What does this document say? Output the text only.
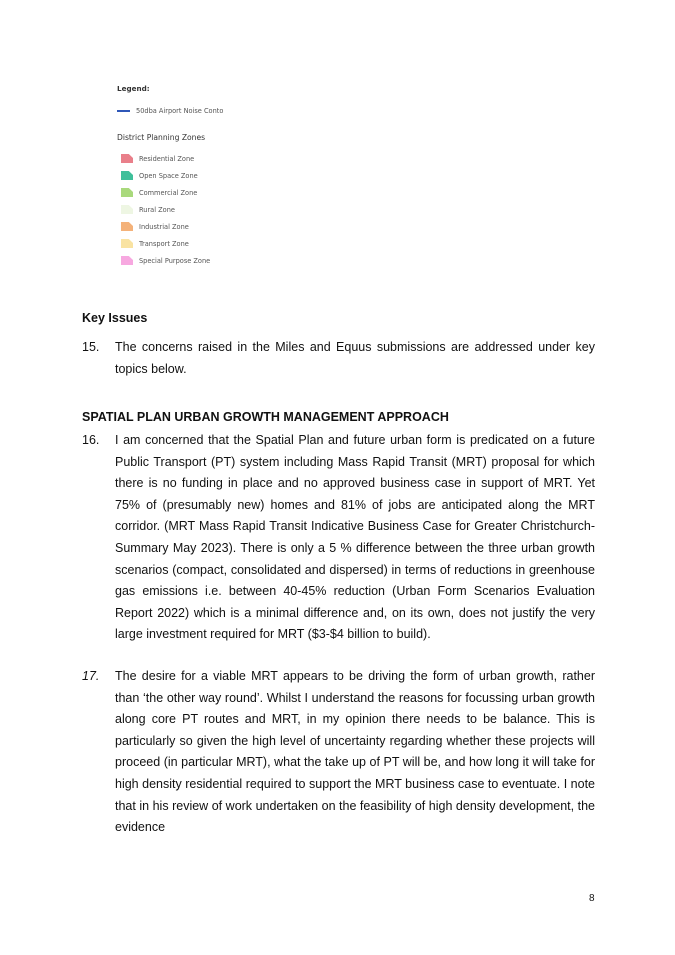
Legend:
50dba Airport Noise Conto
District Planning Zones
Residential Zone
Open Space Zone
Commercial Zone
Rural Zone
Industrial Zone
Transport Zone
Special Purpose Zone
Key Issues
15. The concerns raised in the Miles and Equus submissions are addressed under key topics below.
SPATIAL PLAN URBAN GROWTH MANAGEMENT APPROACH
16. I am concerned that the Spatial Plan and future urban form is predicated on a future Public Transport (PT) system including Mass Rapid Transit (MRT) proposal for which there is no funding in place and no approved business case in support of MRT. Yet 75% of (presumably new) homes and 81% of jobs are anticipated along the MRT corridor. (MRT Mass Rapid Transit Indicative Business Case for Greater Christchurch- Summary May 2023). There is only a 5 % difference between the three urban growth scenarios (compact, consolidated and dispersed) in terms of reductions in greenhouse gas emissions i.e. between 40-45% reduction (Urban Form Scenarios Evaluation Report 2022) which is a minimal difference and, on its own, does not justify the very large investment required for MRT ($3-$4 billion to build).
17. The desire for a viable MRT appears to be driving the form of urban growth, rather than ‘the other way round’. Whilst I understand the reasons for focussing urban growth along core PT routes and MRT, in my opinion there needs to be balance. This is particularly so given the high level of uncertainty regarding whether these projects will proceed (in particular MRT), what the take up of PT will be, and how long it will take for high density residential required to support the MRT business case to eventuate. I note that in his review of work undertaken on the feasibility of high density development, the evidence
8
